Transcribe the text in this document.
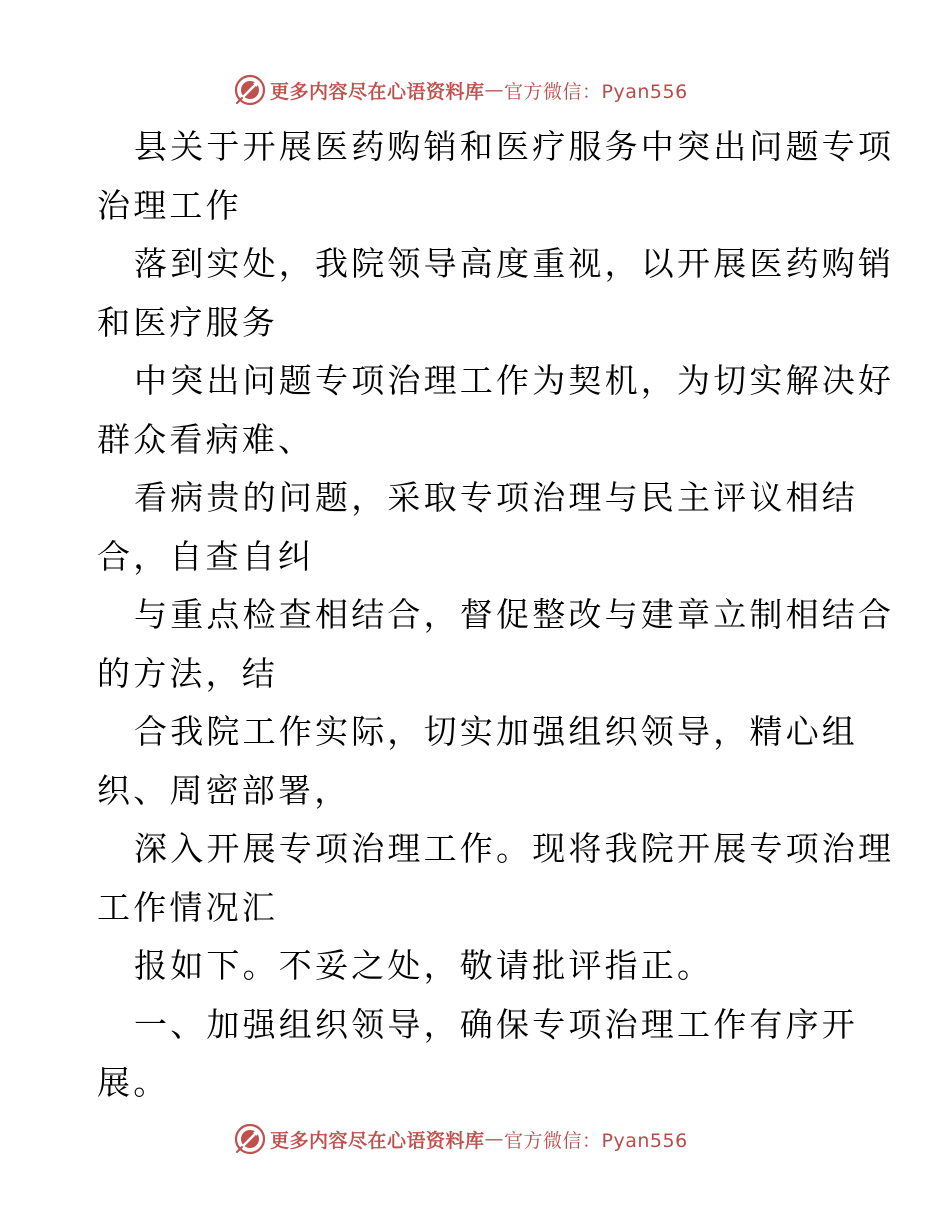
更多内容尽在心语资料库 — 官方微信：Pyan556

县关于开展医药购销和医疗服务中突出问题专项
治理工作

落到实处，我院领导高度重视，以开展医药购销
和医疗服务

中突出问题专项治理工作为契机，为切实解决好
群众看病难、

看病贵的问题，采取专项治理与民主评议相结
合，自查自纠

与重点检查相结合，督促整改与建章立制相结合
的方法，结

合我院工作实际，切实加强组织领导，精心组
织、周密部署，

深入开展专项治理工作。现将我院开展专项治理
工作情况汇

报如下。不妥之处，敬请批评指正。

一、加强组织领导，确保专项治理工作有序开
展。

更多内容尽在心语资料库 — 官方微信：Pyan556
